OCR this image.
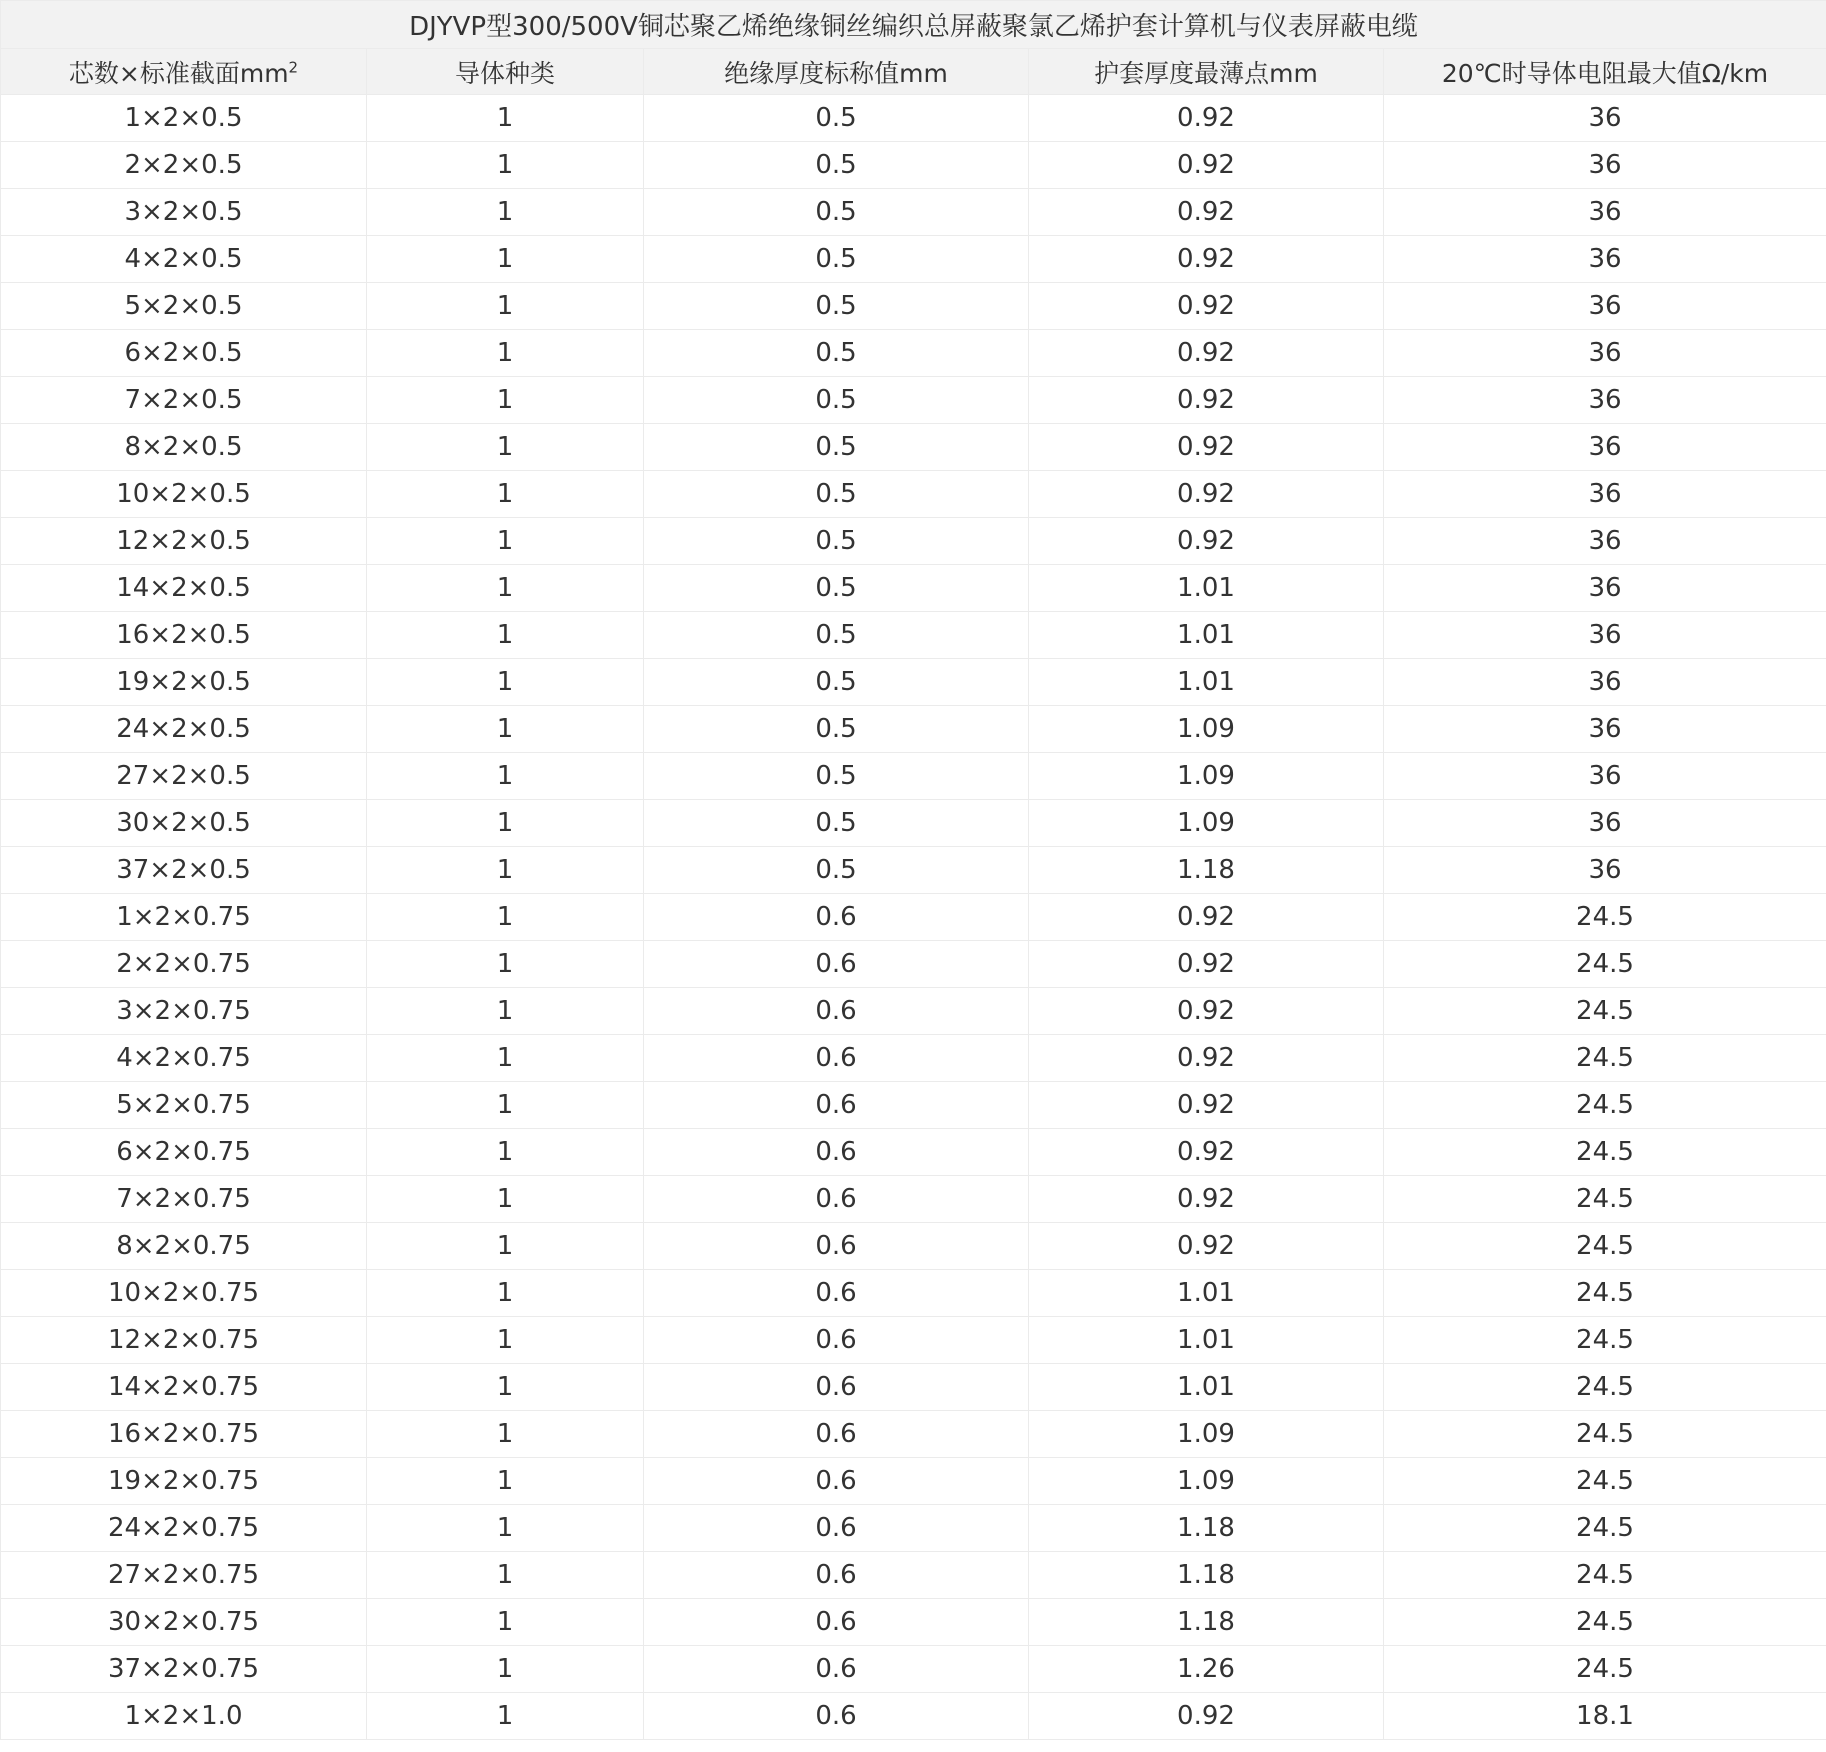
DJYVP型300/500V铜芯聚乙烯绝缘铜丝编织总屏蔽聚氯乙烯护套计算机与仪表屏蔽电缆				
芯数×标准截面$mm^2$	导体种类	绝缘厚度标称值mm	护套厚度最薄点mm	20℃时导体电阻最大值Ω/km
1×2×0.5	1	0.5	0.92	36
2×2×0.5	1	0.5	0.92	36
3×2×0.5	1	0.5	0.92	36
4×2×0.5	1	0.5	0.92	36
5×2×0.5	1	0.5	0.92	36
6×2×0.5	1	0.5	0.92	36
7×2×0.5	1	0.5	0.92	36
8×2×0.5	1	0.5	0.92	36
10×2×0.5	1	0.5	0.92	36
12×2×0.5	1	0.5	0.92	36
14×2×0.5	1	0.5	1.01	36
16×2×0.5	1	0.5	1.01	36
19×2×0.5	1	0.5	1.01	36
24×2×0.5	1	0.5	1.09	36
27×2×0.5	1	0.5	1.09	36
30×2×0.5	1	0.5	1.09	36
37×2×0.5	1	0.5	1.18	36
1×2×0.75	1	0.6	0.92	24.5
2×2×0.75	1	0.6	0.92	24.5
3×2×0.75	1	0.6	0.92	24.5
4×2×0.75	1	0.6	0.92	24.5
5×2×0.75	1	0.6	0.92	24.5
6×2×0.75	1	0.6	0.92	24.5
7×2×0.75	1	0.6	0.92	24.5
8×2×0.75	1	0.6	0.92	24.5
10×2×0.75	1	0.6	1.01	24.5
12×2×0.75	1	0.6	1.01	24.5
14×2×0.75	1	0.6	1.01	24.5
16×2×0.75	1	0.6	1.09	24.5
19×2×0.75	1	0.6	1.09	24.5
24×2×0.75	1	0.6	1.18	24.5
27×2×0.75	1	0.6	1.18	24.5
30×2×0.75	1	0.6	1.18	24.5
37×2×0.75	1	0.6	1.26	24.5
1×2×1.0	1	0.6	0.92	18.1
